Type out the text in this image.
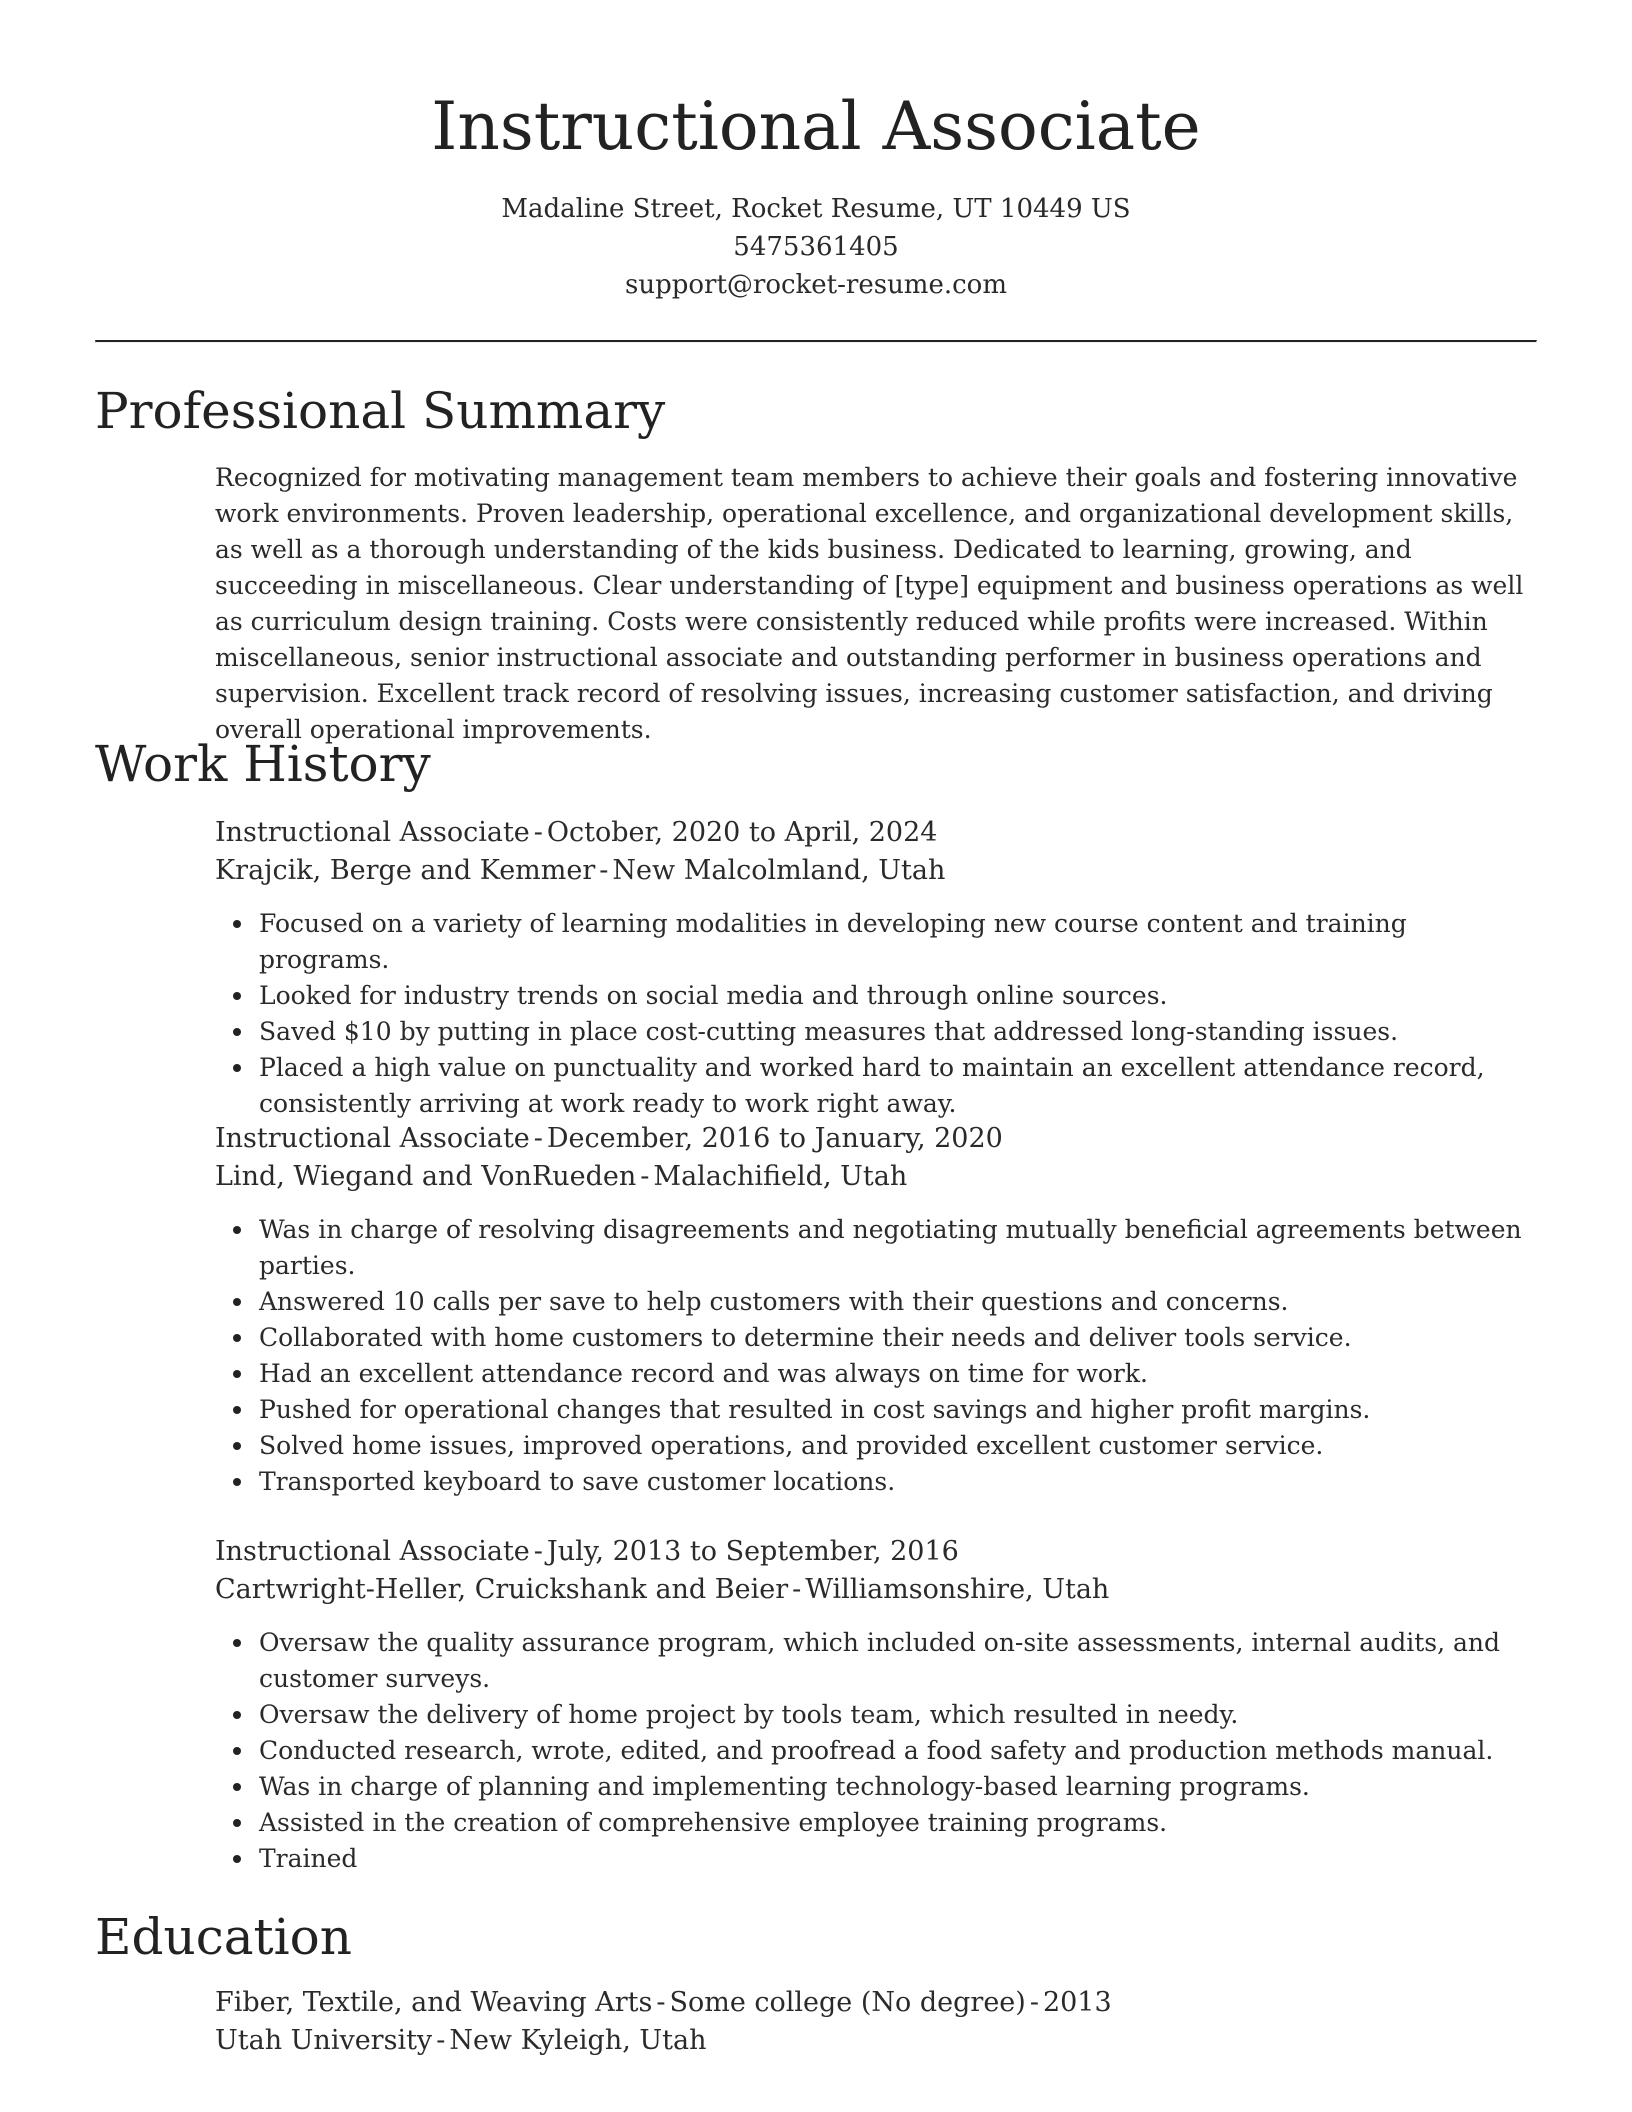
Instructional Associate
Madaline Street, Rocket Resume, UT 10449 US
5475361405
support@rocket-resume.com
Professional Summary

Recognized for motivating management team members to achieve their goals and fostering innovative work environments. Proven leadership, operational excellence, and organizational development skills, as well as a thorough understanding of the kids business. Dedicated to learning, growing, and succeeding in miscellaneous. Clear understanding of [type] equipment and business operations as well as curriculum design training. Costs were consistently reduced while profits were increased. Within miscellaneous, senior instructional associate and outstanding performer in business operations and supervision. Excellent track record of resolving issues, increasing customer satisfaction, and driving overall operational improvements.

Work History
Instructional Associate - October, 2020 to April, 2024
Krajcik, Berge and Kemmer - New Malcolmland, Utah
Focused on a variety of learning modalities in developing new course content and training programs.
Looked for industry trends on social media and through online sources.
Saved $10 by putting in place cost-cutting measures that addressed long-standing issues.
Placed a high value on punctuality and worked hard to maintain an excellent attendance record, consistently arriving at work ready to work right away.
Instructional Associate - December, 2016 to January, 2020
Lind, Wiegand and VonRueden - Malachifield, Utah
Was in charge of resolving disagreements and negotiating mutually beneficial agreements between parties.
Answered 10 calls per save to help customers with their questions and concerns.
Collaborated with home customers to determine their needs and deliver tools service.
Had an excellent attendance record and was always on time for work.
Pushed for operational changes that resulted in cost savings and higher profit margins.
Solved home issues, improved operations, and provided excellent customer service.
Transported keyboard to save customer locations.
Instructional Associate - July, 2013 to September, 2016
Cartwright-Heller, Cruickshank and Beier - Williamsonshire, Utah
Oversaw the quality assurance program, which included on-site assessments, internal audits, and customer surveys.
Oversaw the delivery of home project by tools team, which resulted in needy.
Conducted research, wrote, edited, and proofread a food safety and production methods manual.
Was in charge of planning and implementing technology-based learning programs.
Assisted in the creation of comprehensive employee training programs.
Trained
Education
Fiber, Textile, and Weaving Arts - Some college (No degree) - 2013
Utah University - New Kyleigh, Utah
